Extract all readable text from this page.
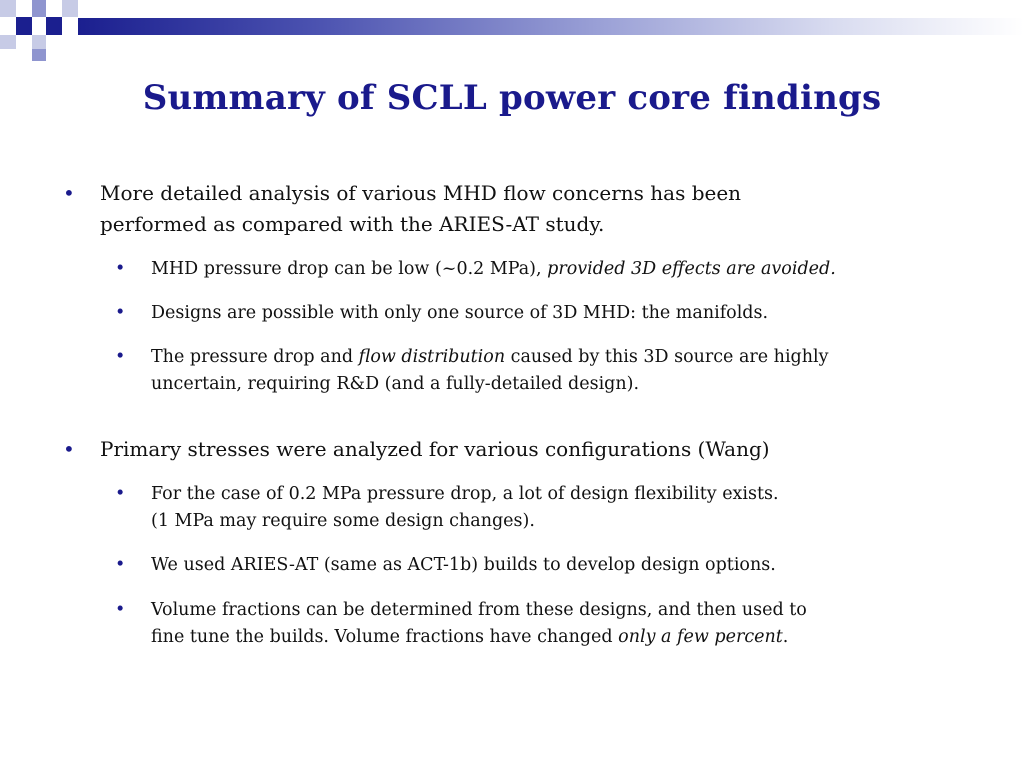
Summary of SCLL power core findings
• More detailed analysis of various MHD flow concerns has been
performed as compared with the ARIES-AT study.
• MHD pressure drop can be low (~0.2 MPa), provided 3D effects are avoided.
• Designs are possible with only one source of 3D MHD: the manifolds.
• The pressure drop and flow distribution caused by this 3D source are highly
uncertain, requiring R&D (and a fully-detailed design).
• Primary stresses were analyzed for various configurations (Wang)
• For the case of 0.2 MPa pressure drop, a lot of design flexibility exists.
(1 MPa may require some design changes).
• We used ARIES-AT (same as ACT-1b) builds to develop design options.
• Volume fractions can be determined from these designs, and then used to
fine tune the builds. Volume fractions have changed only a few percent.
